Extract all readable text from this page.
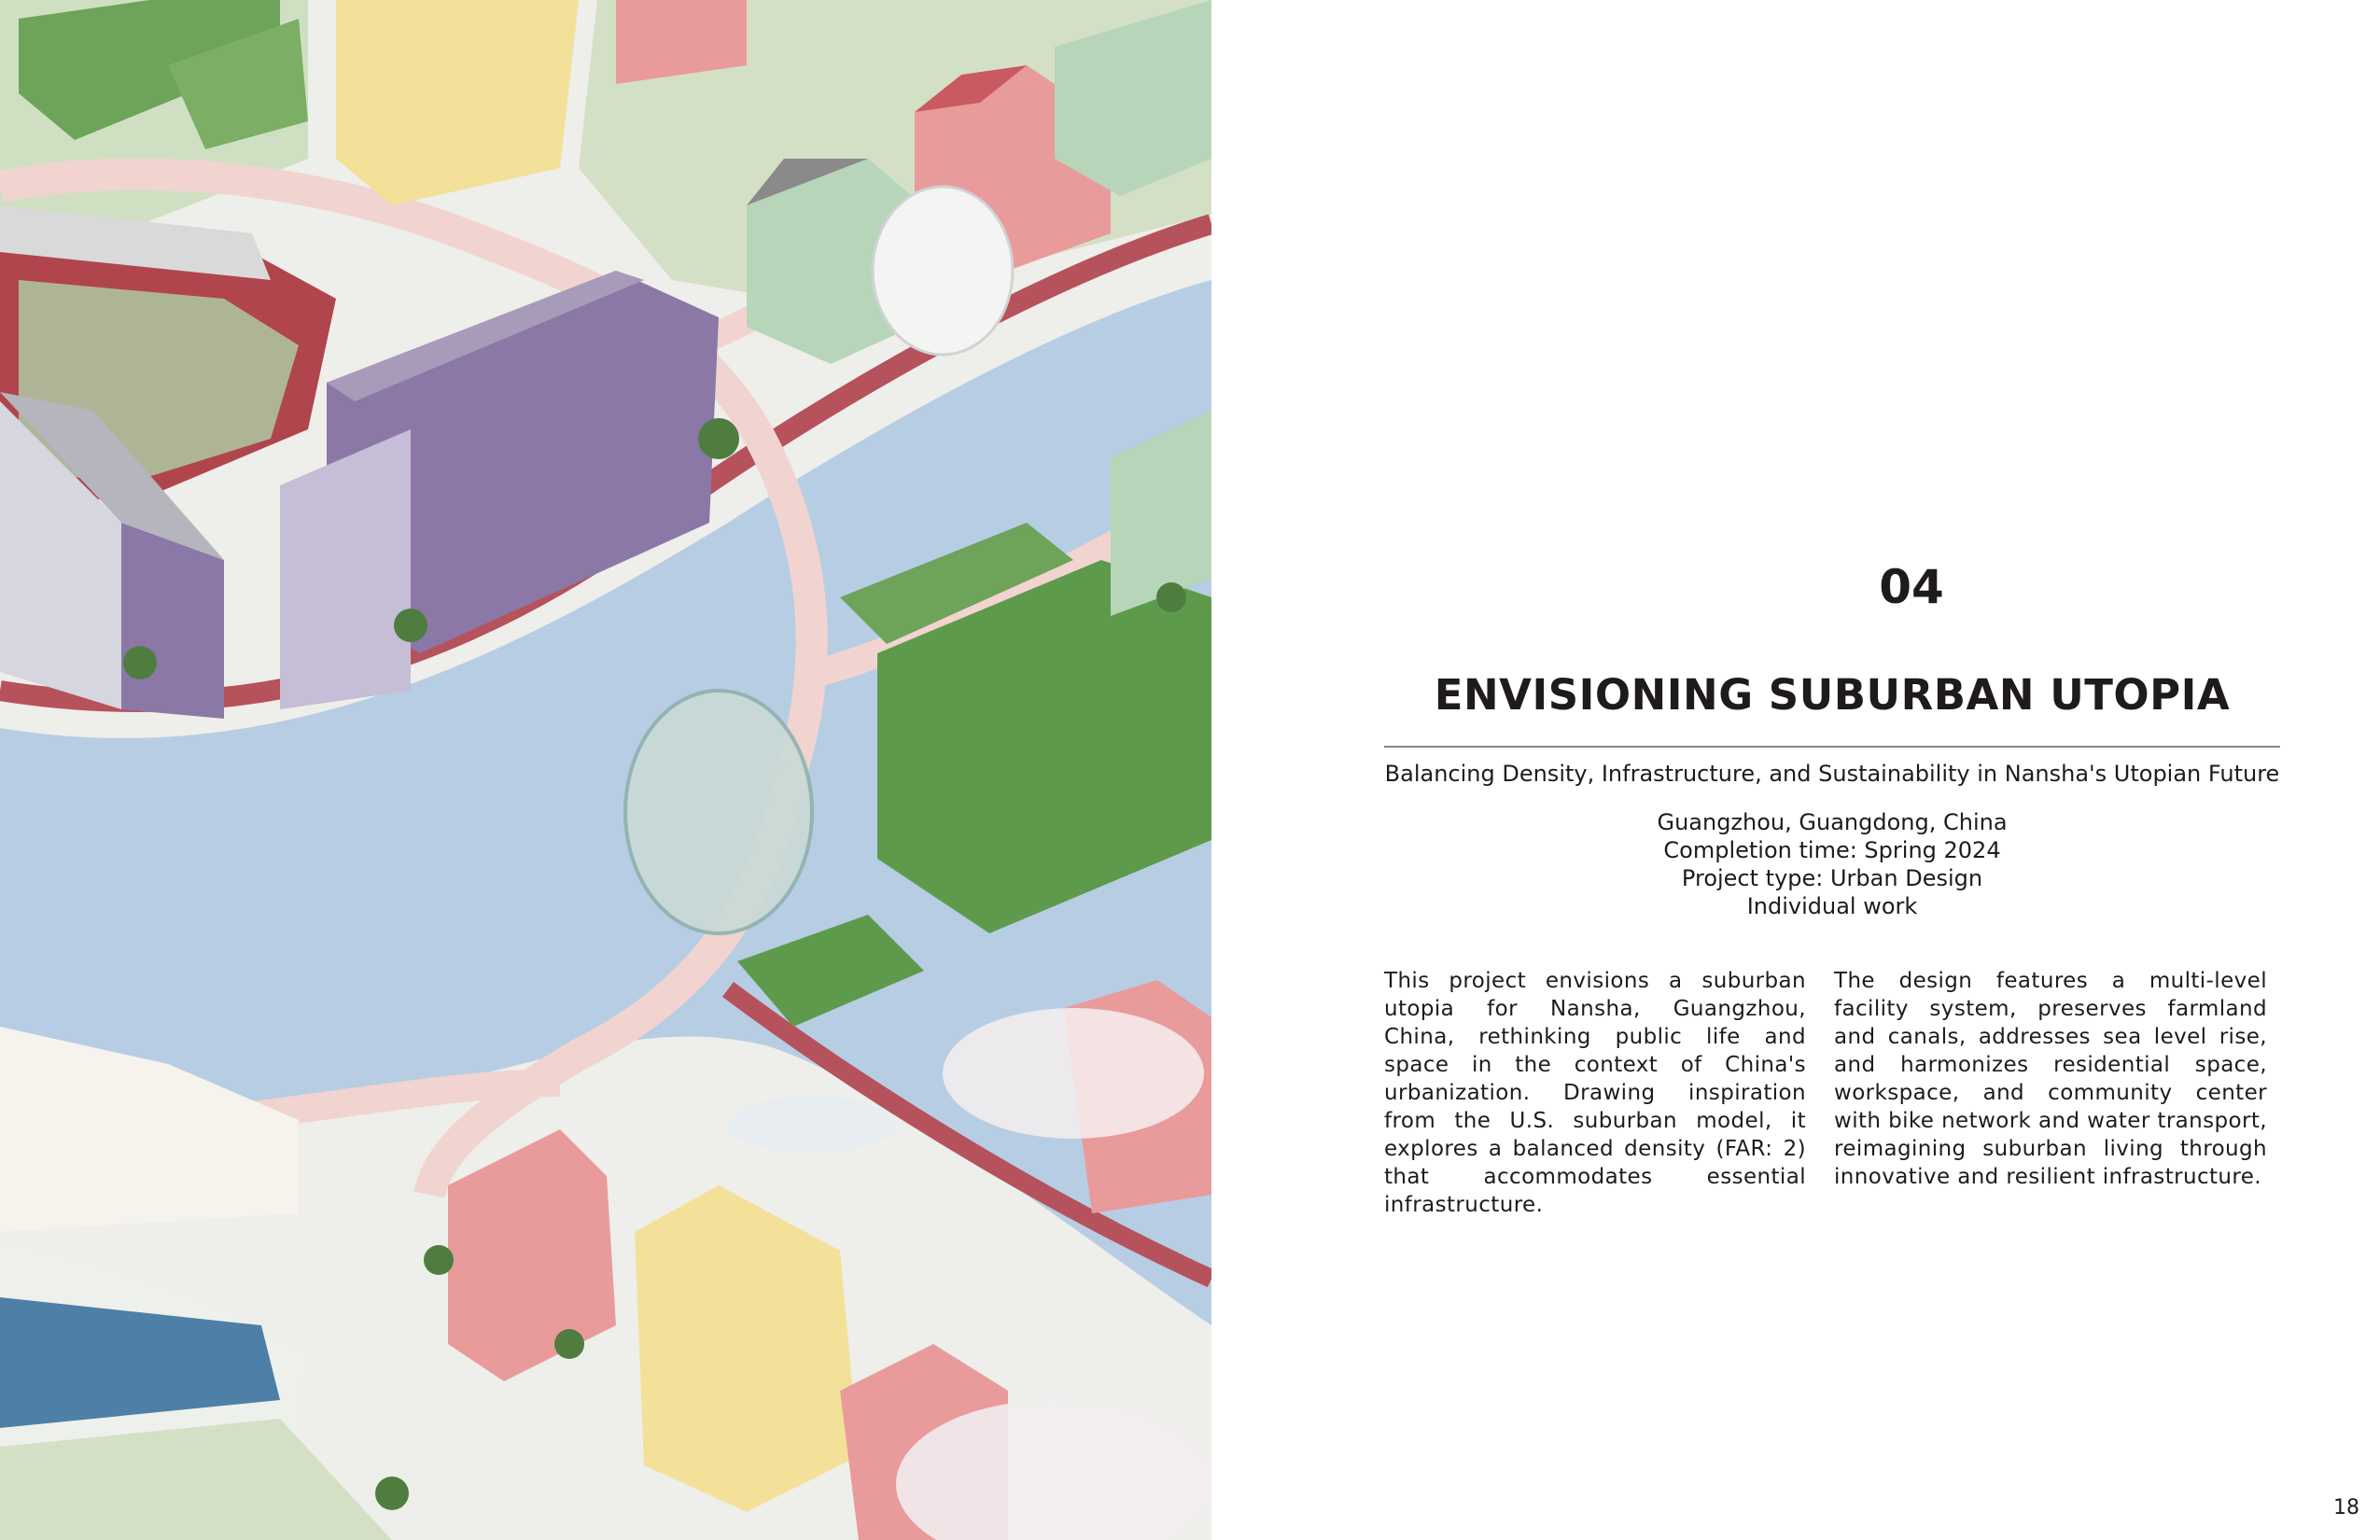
04
ENVISIONING SUBURBAN UTOPIA
Balancing Density, Infrastructure, and Sustainability in Nansha's Utopian Future
Guangzhou, Guangdong, China
Completion time: Spring 2024
Project type: Urban Design
Individual work
This project envisions a suburban utopia for Nansha, Guangzhou, China, rethinking public life and space in the context of China's urbanization. Drawing inspiration from the U.S. suburban model, it explores a balanced density (FAR: 2) that accommodates essential infrastructure.
The design features a multi-level facility system, preserves farmland and canals, addresses sea level rise, and harmonizes residential space, workspace, and community center with bike network and water transport, reimagining suburban living through innovative and resilient infrastructure.
18
